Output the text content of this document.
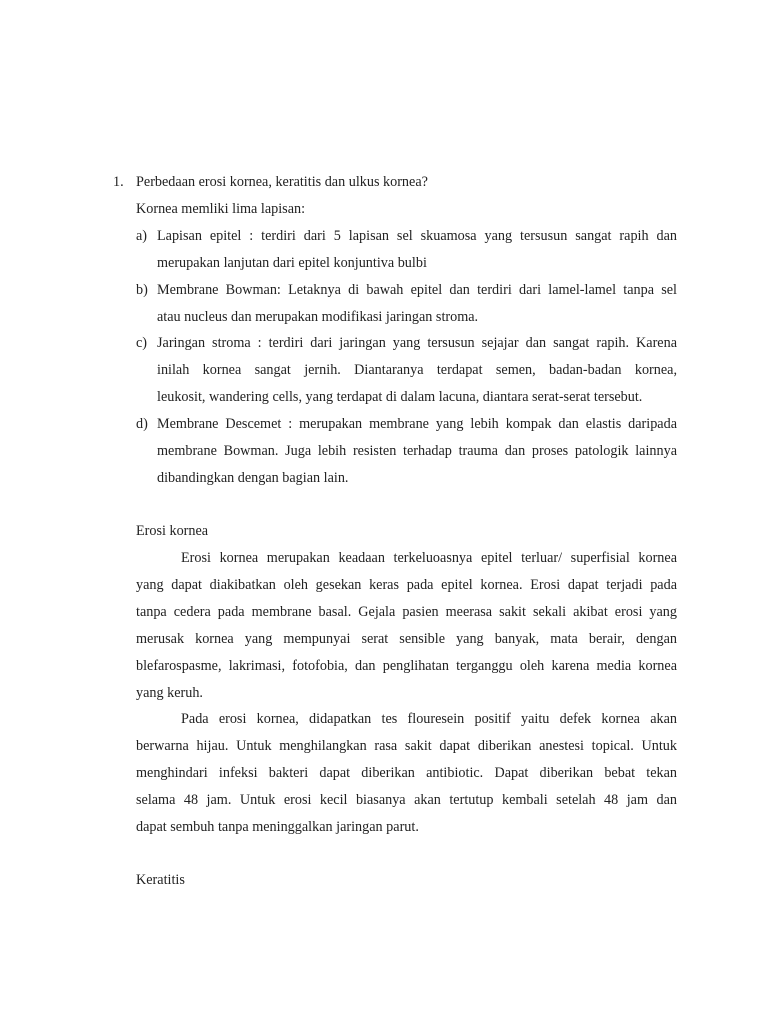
1. Perbedaan erosi kornea, keratitis dan ulkus kornea?
Kornea memliki lima lapisan:
a) Lapisan epitel : terdiri dari 5 lapisan sel skuamosa yang tersusun sangat rapih dan
merupakan lanjutan dari epitel konjuntiva bulbi
b) Membrane Bowman: Letaknya di bawah epitel dan terdiri dari lamel-lamel tanpa sel
atau nucleus dan merupakan modifikasi jaringan stroma.
c) Jaringan stroma : terdiri dari jaringan yang tersusun sejajar dan sangat rapih. Karena
inilah kornea sangat jernih. Diantaranya terdapat semen, badan-badan kornea,
leukosit, wandering cells, yang terdapat di dalam lacuna, diantara serat-serat tersebut.
d) Membrane Descemet : merupakan membrane yang lebih kompak dan elastis daripada
membrane Bowman. Juga lebih resisten terhadap trauma dan proses patologik lainnya
dibandingkan dengan bagian lain.
Erosi kornea
Erosi kornea merupakan keadaan terkeluoasnya epitel terluar/ superfisial kornea
yang dapat diakibatkan oleh gesekan keras pada epitel kornea. Erosi dapat terjadi pada
tanpa cedera pada membrane basal. Gejala pasien meerasa sakit sekali akibat erosi yang
merusak kornea yang mempunyai serat sensible yang banyak, mata berair, dengan
blefarospasme, lakrimasi, fotofobia, dan penglihatan terganggu oleh karena media kornea
yang keruh.
Pada erosi kornea, didapatkan tes flouresein positif yaitu defek kornea akan
berwarna hijau. Untuk menghilangkan rasa sakit dapat diberikan anestesi topical. Untuk
menghindari infeksi bakteri dapat diberikan antibiotic. Dapat diberikan bebat tekan
selama 48 jam. Untuk erosi kecil biasanya akan tertutup kembali setelah 48 jam dan
dapat sembuh tanpa meninggalkan jaringan parut.
Keratitis
